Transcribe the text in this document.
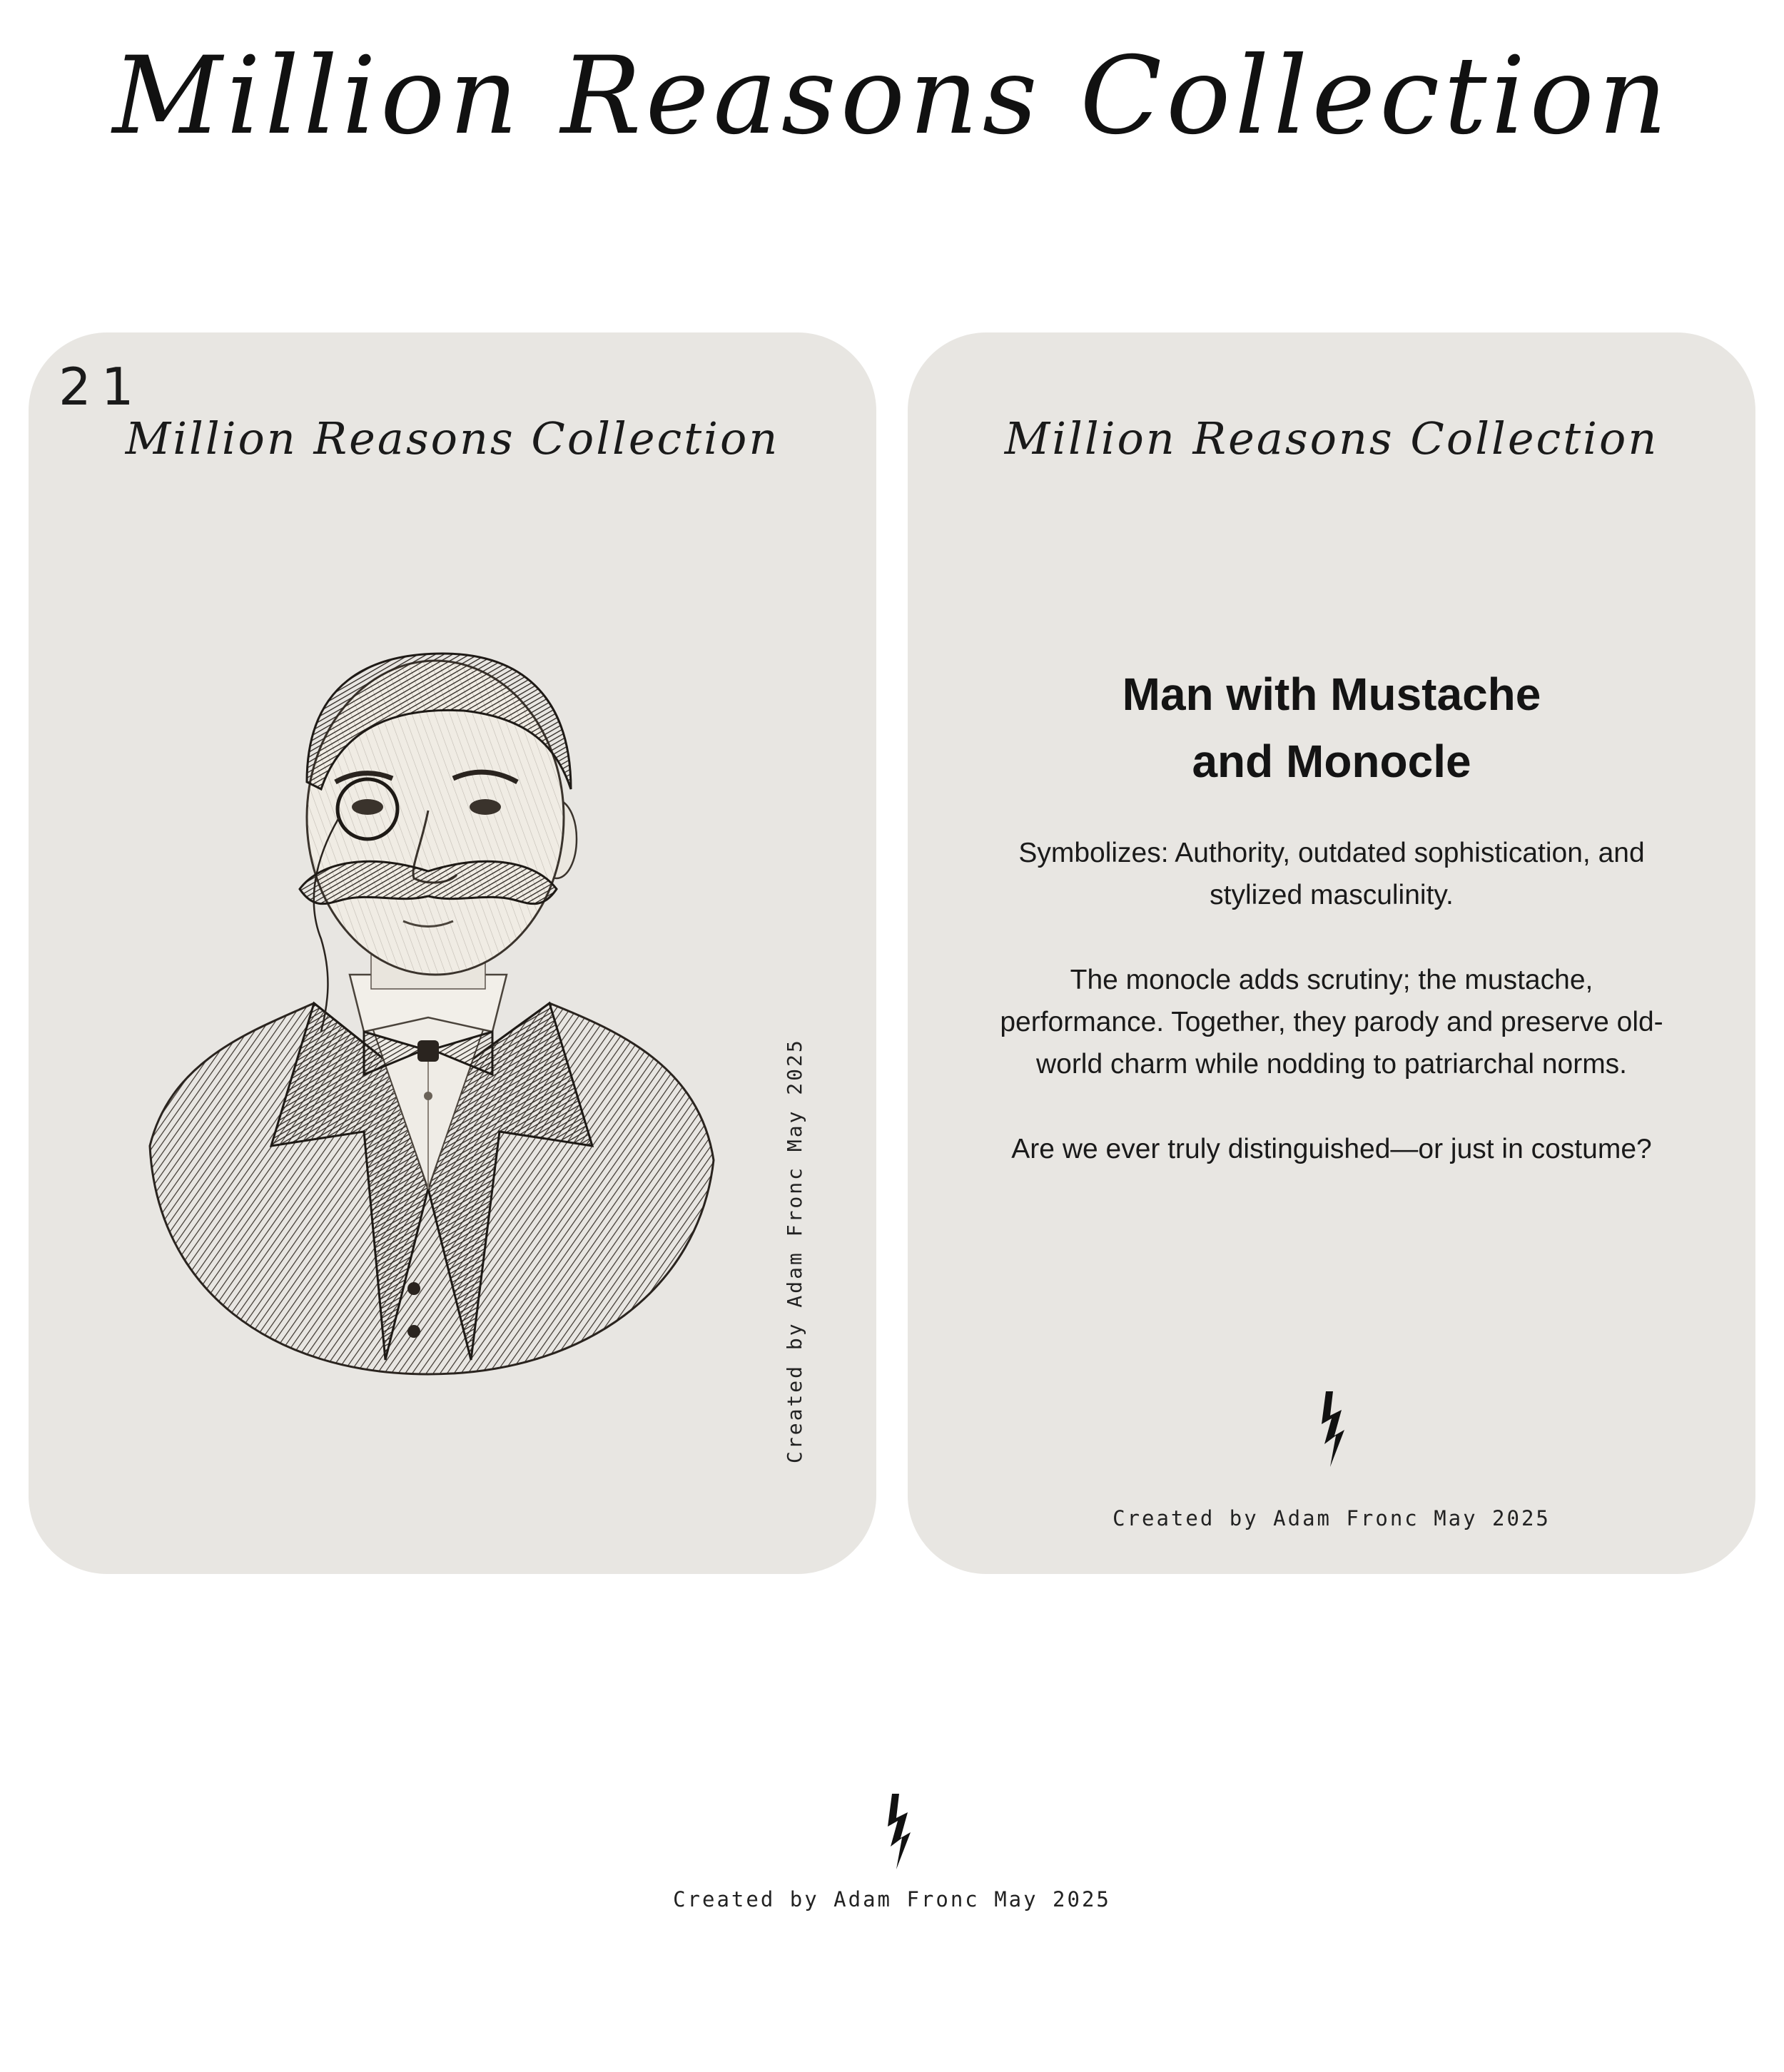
Million Reasons Collection
21
Million Reasons Collection
Created by Adam Fronc May 2025
Million Reasons Collection
Man with Mustache
and Monocle

Symbolizes: Authority, outdated sophistication, and stylized masculinity.

The monocle adds scrutiny; the mustache, performance. Together, they parody and preserve old-world charm while nodding to patriarchal norms.

Are we ever truly distinguished—or just in costume?

Created by Adam Fronc May 2025
Created by Adam Fronc May 2025
